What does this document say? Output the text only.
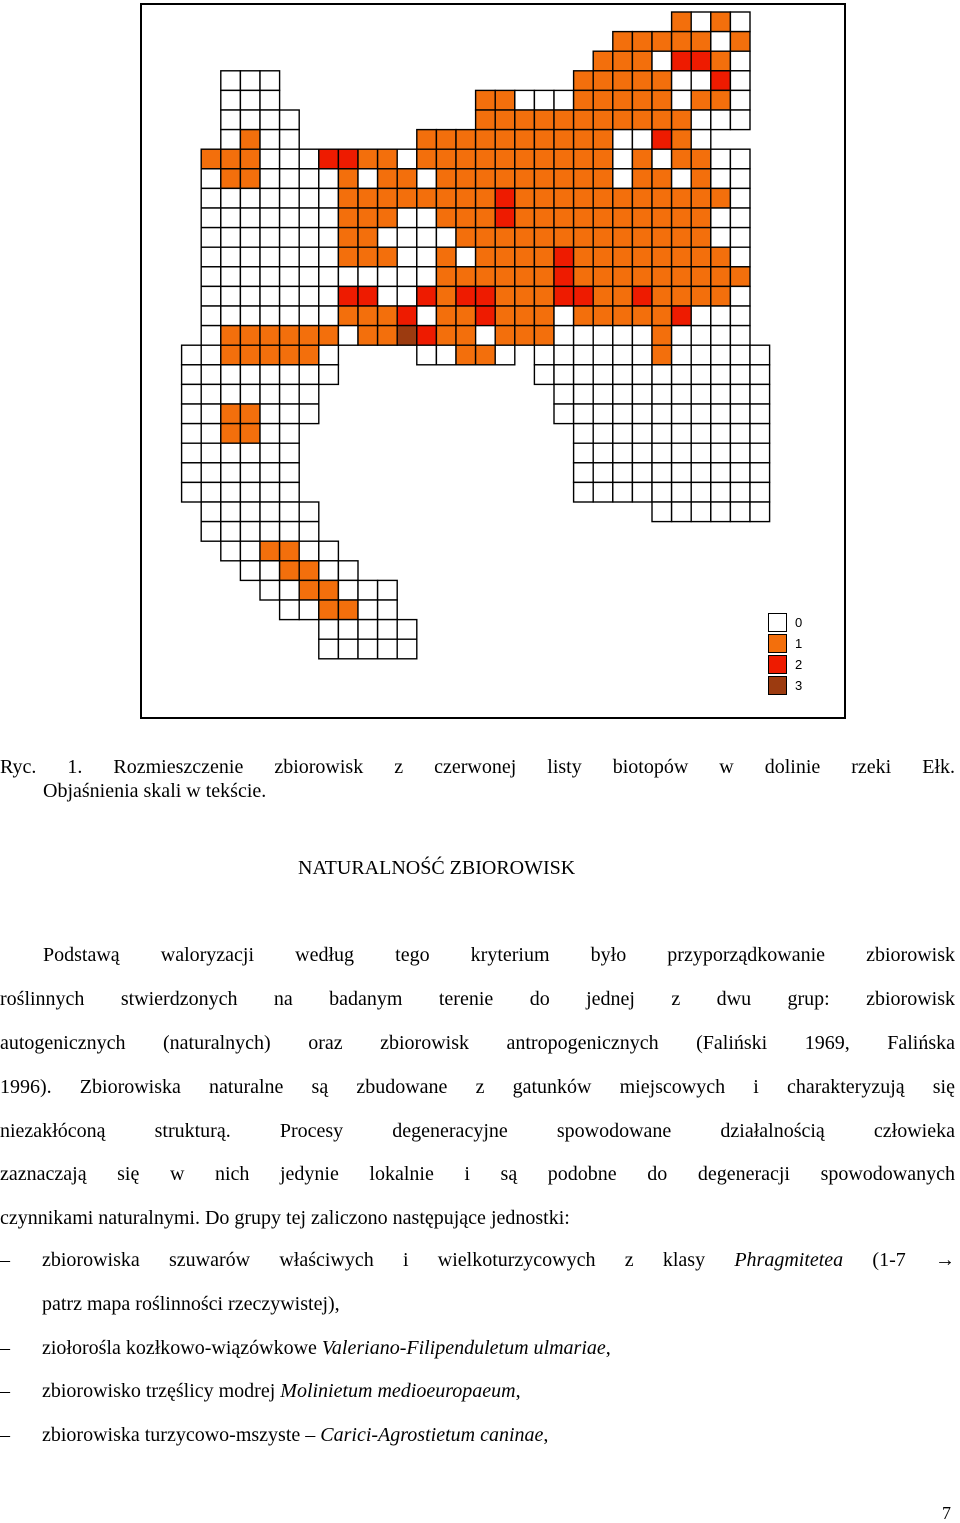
0
1
2
3
Ryc. 1. Rozmieszczenie zbiorowisk z czerwonej listy biotopów w dolinie rzeki Ełk.
Objaśnienia skali w tekście.
NATURALNOŚĆ ZBIOROWISK
Podstawą waloryzacji według tego kryterium było przyporządkowanie zbiorowisk
roślinnych stwierdzonych na badanym terenie do jednej z dwu grup: zbiorowisk
autogenicznych (naturalnych) oraz zbiorowisk antropogenicznych (Faliński 1969, Falińska
1996). Zbiorowiska naturalne są zbudowane z gatunków miejscowych i charakteryzują się
niezakłóconą strukturą. Procesy degeneracyjne spowodowane działalnością człowieka
zaznaczają się w nich jedynie lokalnie i są podobne do degeneracji spowodowanych
czynnikami naturalnymi. Do grupy tej zaliczono następujące jednostki:
– zbiorowiska szuwarów właściwych i wielkoturzycowych z klasy Phragmitetea (1-7 →
patrz mapa roślinności rzeczywistej),
– ziołorośla kozłkowo-wiązówkowe Valeriano-Filipenduletum ulmariae,
– zbiorowisko trzęślicy modrej Molinietum medioeuropaeum,
– zbiorowiska turzycowo-mszyste – Carici-Agrostietum caninae,
7
